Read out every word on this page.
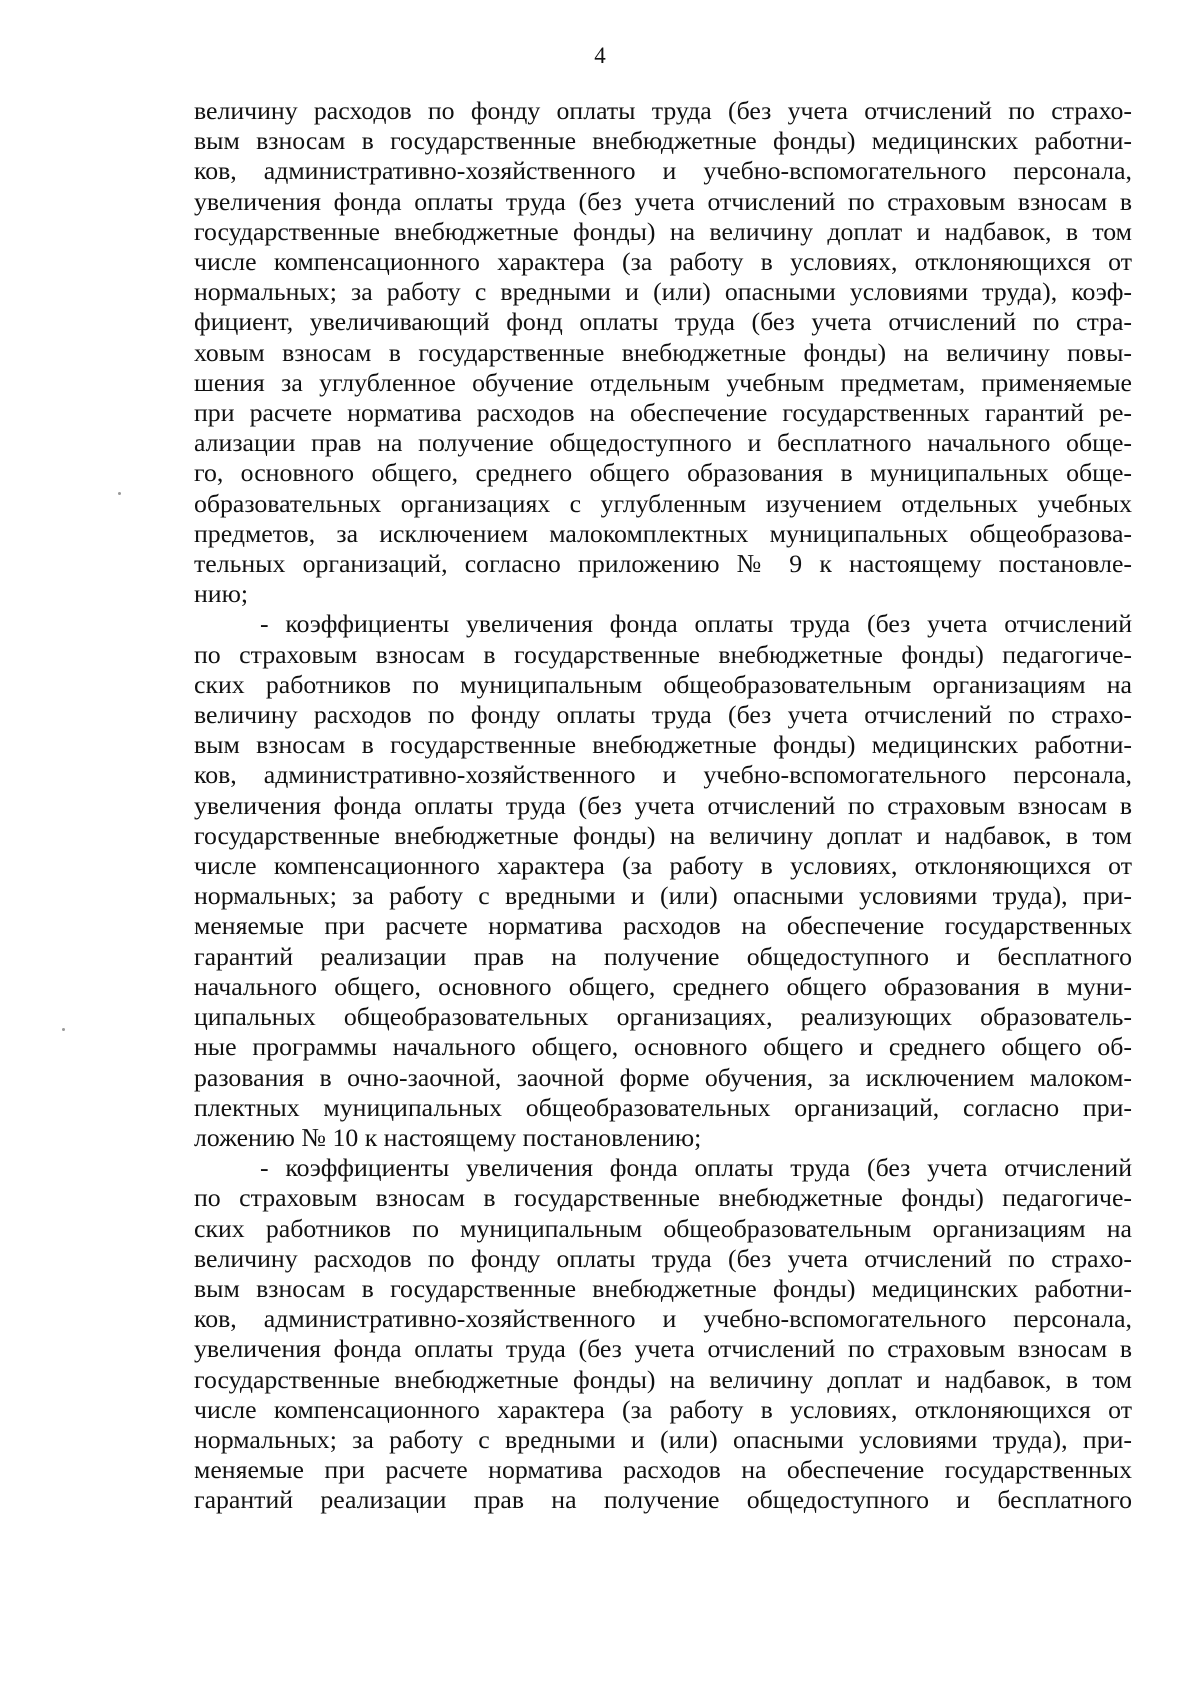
4
величину расходов по фонду оплаты труда (без учета отчислений по страхо-
вым взносам в государственные внебюджетные фонды) медицинских работни-
ков, административно-хозяйственного и учебно-вспомогательного персонала,
увеличения фонда оплаты труда (без учета отчислений по страховым взносам в
государственные внебюджетные фонды) на величину доплат и надбавок, в том
числе компенсационного характера (за работу в условиях, отклоняющихся от
нормальных; за работу с вредными и (или) опасными условиями труда), коэф-
фициент, увеличивающий фонд оплаты труда (без учета отчислений по стра-
ховым взносам в государственные внебюджетные фонды) на величину повы-
шения за углубленное обучение отдельным учебным предметам, применяемые
при расчете норматива расходов на обеспечение государственных гарантий ре-
ализации прав на получение общедоступного и бесплатного начального обще-
го, основного общего, среднего общего образования в муниципальных обще-
образовательных организациях с углубленным изучением отдельных учебных
предметов, за исключением малокомплектных муниципальных общеобразова-
тельных организаций, согласно приложению № 9 к настоящему постановле-
нию;
- коэффициенты увеличения фонда оплаты труда (без учета отчислений
по страховым взносам в государственные внебюджетные фонды) педагогиче-
ских работников по муниципальным общеобразовательным организациям на
величину расходов по фонду оплаты труда (без учета отчислений по страхо-
вым взносам в государственные внебюджетные фонды) медицинских работни-
ков, административно-хозяйственного и учебно-вспомогательного персонала,
увеличения фонда оплаты труда (без учета отчислений по страховым взносам в
государственные внебюджетные фонды) на величину доплат и надбавок, в том
числе компенсационного характера (за работу в условиях, отклоняющихся от
нормальных; за работу с вредными и (или) опасными условиями труда), при-
меняемые при расчете норматива расходов на обеспечение государственных
гарантий реализации прав на получение общедоступного и бесплатного
начального общего, основного общего, среднего общего образования в муни-
ципальных общеобразовательных организациях, реализующих образователь-
ные программы начального общего, основного общего и среднего общего об-
разования в очно-заочной, заочной форме обучения, за исключением малоком-
плектных муниципальных общеобразовательных организаций, согласно при-
ложению № 10 к настоящему постановлению;
- коэффициенты увеличения фонда оплаты труда (без учета отчислений
по страховым взносам в государственные внебюджетные фонды) педагогиче-
ских работников по муниципальным общеобразовательным организациям на
величину расходов по фонду оплаты труда (без учета отчислений по страхо-
вым взносам в государственные внебюджетные фонды) медицинских работни-
ков, административно-хозяйственного и учебно-вспомогательного персонала,
увеличения фонда оплаты труда (без учета отчислений по страховым взносам в
государственные внебюджетные фонды) на величину доплат и надбавок, в том
числе компенсационного характера (за работу в условиях, отклоняющихся от
нормальных; за работу с вредными и (или) опасными условиями труда), при-
меняемые при расчете норматива расходов на обеспечение государственных
гарантий реализации прав на получение общедоступного и бесплатного
